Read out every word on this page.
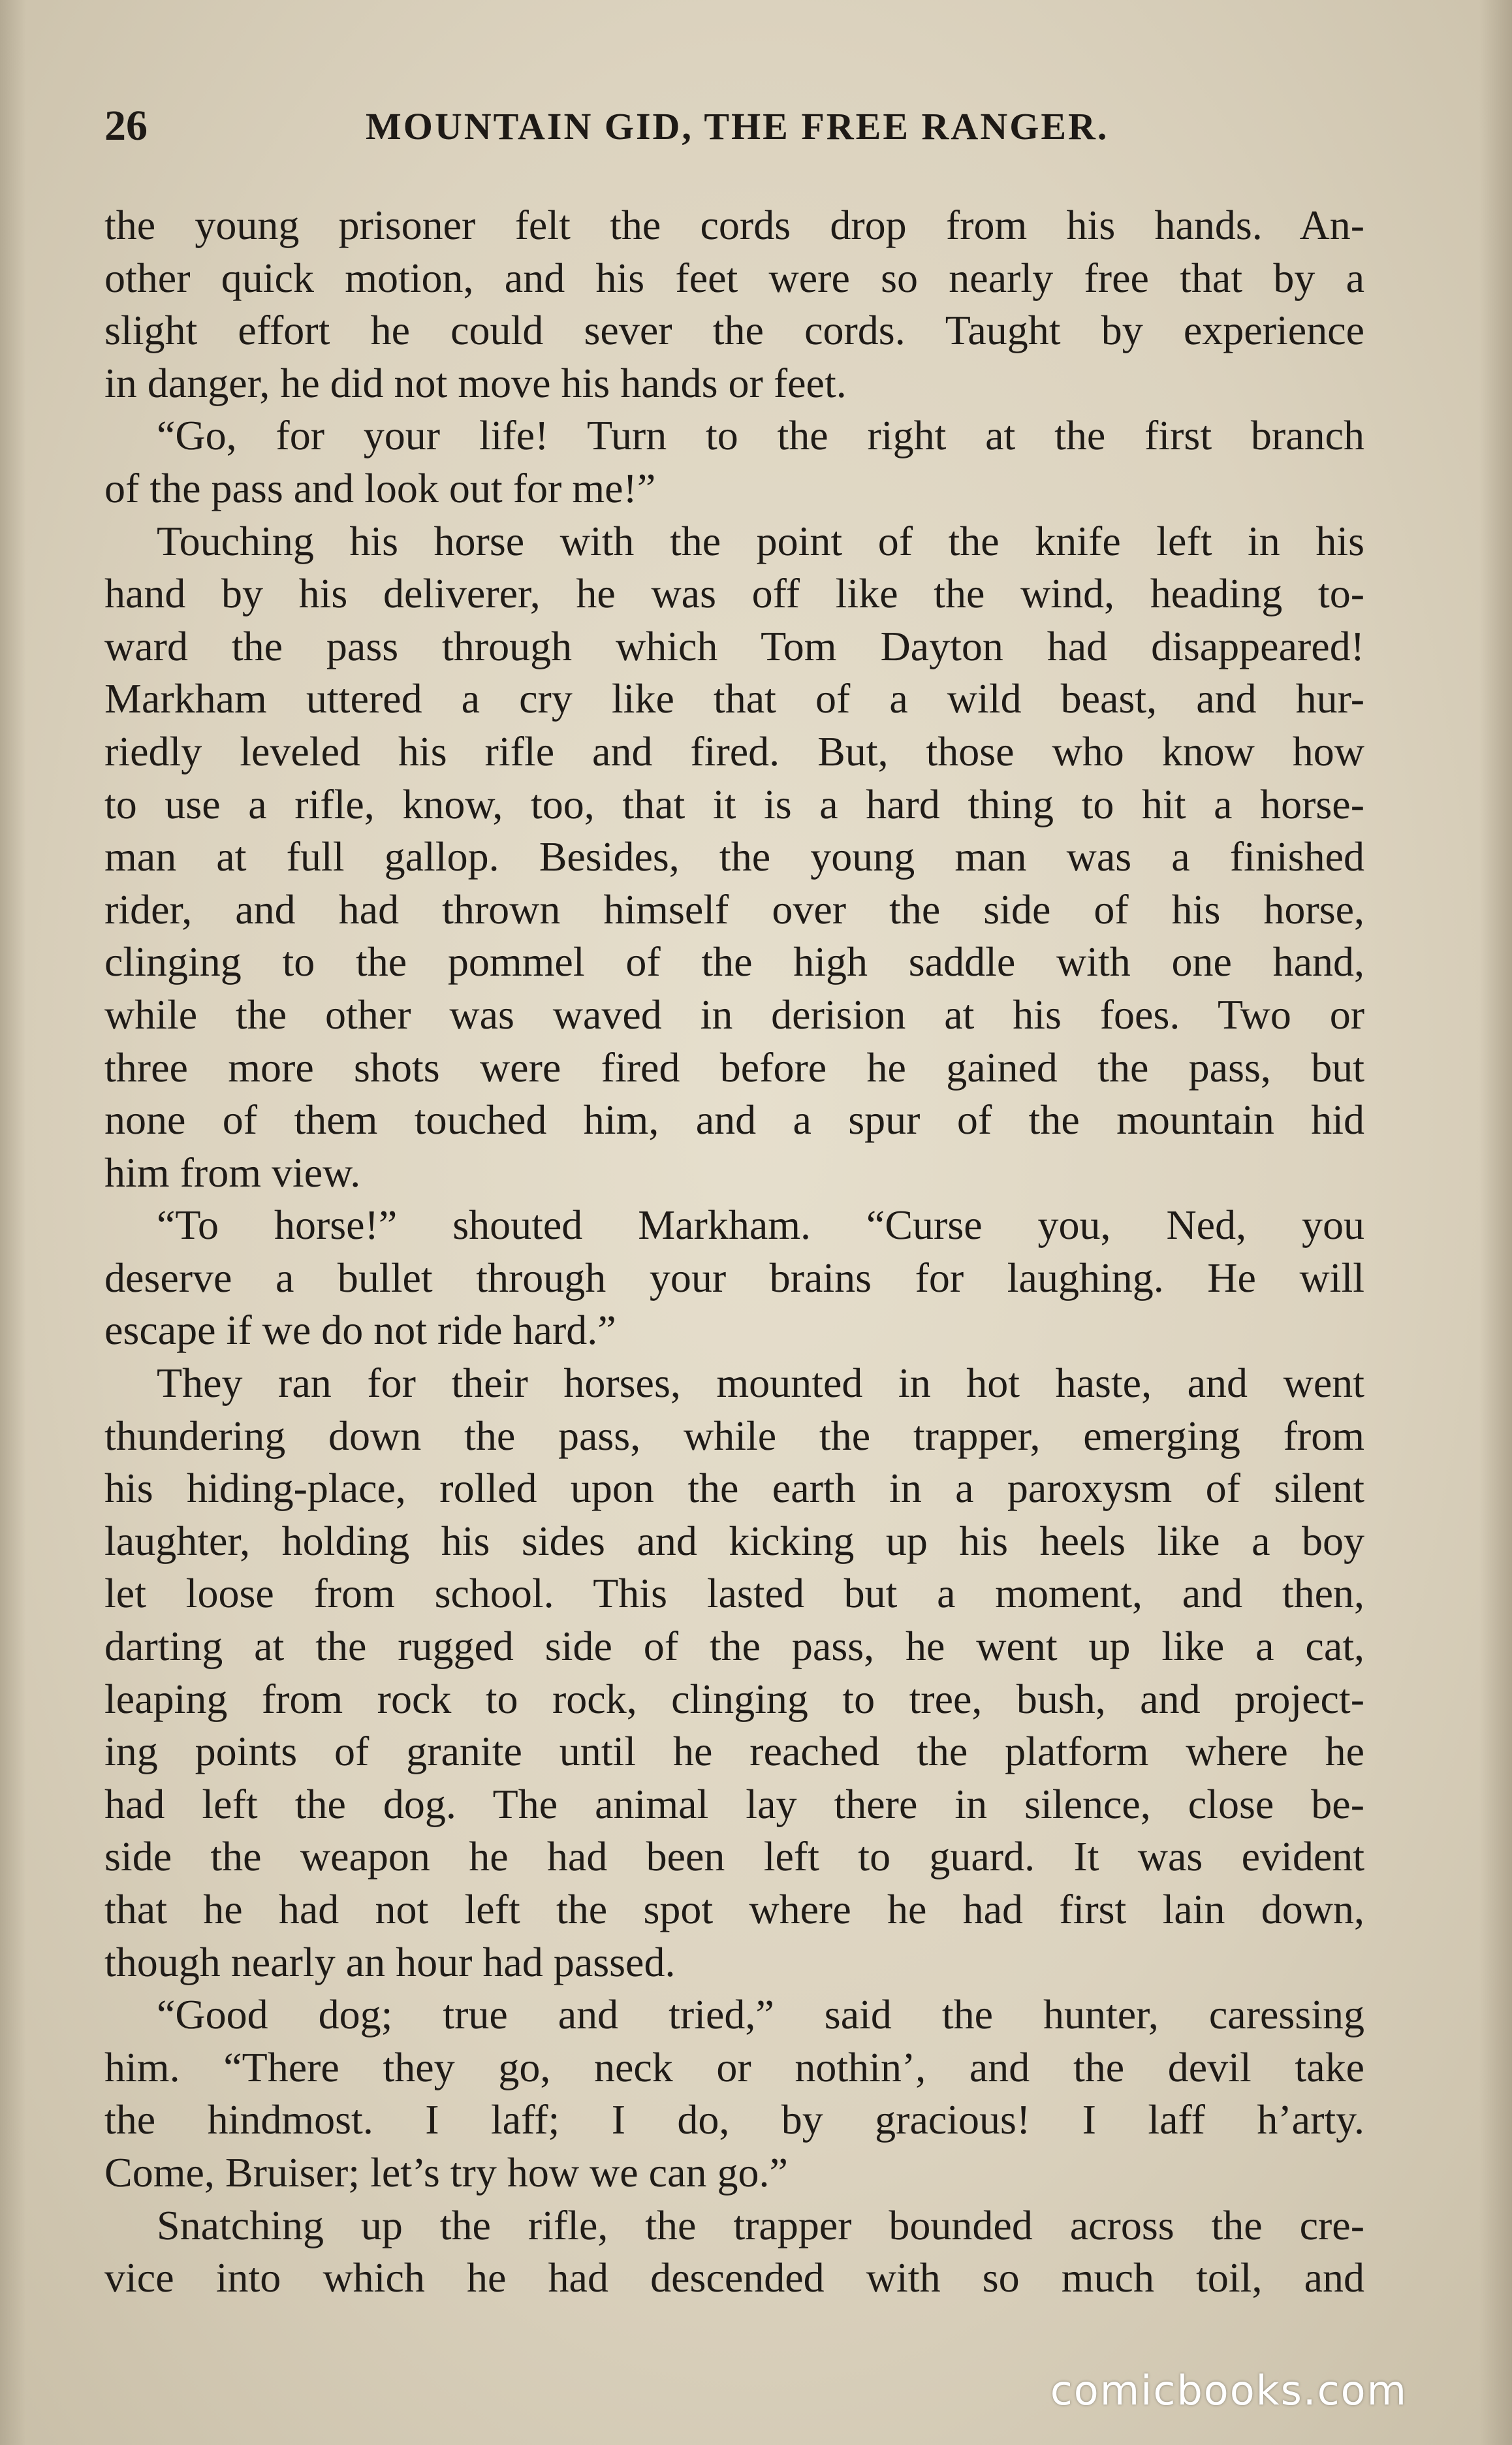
26	MOUNTAIN GID, THE FREE RANGER.
the young prisoner felt the cords drop from his hands. An-
other quick motion, and his feet were so nearly free that by a
slight effort he could sever the cords. Taught by experience
in danger, he did not move his hands or feet.
“Go, for your life! Turn to the right at the first branch
of the pass and look out for me!”
Touching his horse with the point of the knife left in his
hand by his deliverer, he was off like the wind, heading to-
ward the pass through which Tom Dayton had disappeared!
Markham uttered a cry like that of a wild beast, and hur-
riedly leveled his rifle and fired. But, those who know how
to use a rifle, know, too, that it is a hard thing to hit a horse-
man at full gallop. Besides, the young man was a finished
rider, and had thrown himself over the side of his horse,
clinging to the pommel of the high saddle with one hand,
while the other was waved in derision at his foes. Two or
three more shots were fired before he gained the pass, but
none of them touched him, and a spur of the mountain hid
him from view.
“To horse!” shouted Markham. “Curse you, Ned, you
deserve a bullet through your brains for laughing. He will
escape if we do not ride hard.”
They ran for their horses, mounted in hot haste, and went
thundering down the pass, while the trapper, emerging from
his hiding-place, rolled upon the earth in a paroxysm of silent
laughter, holding his sides and kicking up his heels like a boy
let loose from school. This lasted but a moment, and then,
darting at the rugged side of the pass, he went up like a cat,
leaping from rock to rock, clinging to tree, bush, and project-
ing points of granite until he reached the platform where he
had left the dog. The animal lay there in silence, close be-
side the weapon he had been left to guard. It was evident
that he had not left the spot where he had first lain down,
though nearly an hour had passed.
“Good dog; true and tried,” said the hunter, caressing
him. “There they go, neck or nothin’, and the devil take
the hindmost. I laff; I do, by gracious! I laff h’arty.
Come, Bruiser; let’s try how we can go.”
Snatching up the rifle, the trapper bounded across the cre-
vice into which he had descended with so much toil, and
comicbooks.com
